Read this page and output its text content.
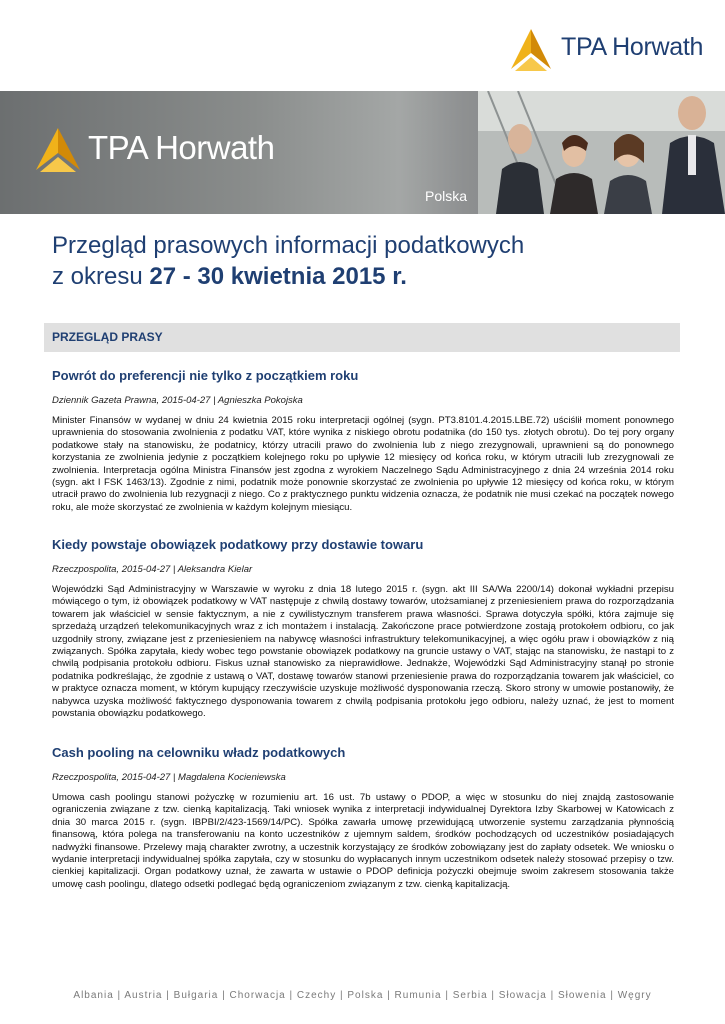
TPA Horwath
TPA Horwath
Polska
Przegląd prasowych informacji podatkowych
z okresu 27 - 30 kwietnia 2015 r.
PRZEGLĄD PRASY
Powrót do preferencji nie tylko z początkiem roku

Dziennik Gazeta Prawna, 2015-04-27 | Agnieszka Pokojska

Minister Finansów w wydanej w dniu 24 kwietnia 2015 roku interpretacji ogólnej (sygn. PT3.8101.4.2015.LBE.72) uściślił moment ponownego uprawnienia do stosowania zwolnienia z podatku VAT, które wynika z niskiego obrotu podatnika (do 150 tys. złotych obrotu). Do tej pory organy podatkowe stały na stanowisku, że podatnicy, którzy utracili prawo do zwolnienia lub z niego zrezygnowali, uprawnieni są do ponownego korzystania ze zwolnienia jedynie z początkiem kolejnego roku po upływie 12 miesięcy od końca roku, w którym utracili lub zrezygnowali ze zwolnienia. Interpretacja ogólna Ministra Finansów jest zgodna z wyrokiem Naczelnego Sądu Administracyjnego z dnia 24 września 2014 roku (sygn. akt I FSK 1463/13). Zgodnie z nimi, podatnik może ponownie skorzystać ze zwolnienia po upływie 12 miesięcy od końca roku, w którym utracił prawo do zwolnienia lub rezygnacji z niego. Co z praktycznego punktu widzenia oznacza, że podatnik nie musi czekać na początek nowego roku, ale może skorzystać ze zwolnienia w każdym kolejnym miesiącu.

Kiedy powstaje obowiązek podatkowy przy dostawie towaru

Rzeczpospolita, 2015-04-27 | Aleksandra Kielar

Wojewódzki Sąd Administracyjny w Warszawie w wyroku z dnia 18 lutego 2015 r. (sygn. akt III SA/Wa 2200/14) dokonał wykładni przepisu mówiącego o tym, iż obowiązek podatkowy w VAT następuje z chwilą dostawy towarów, utożsamianej z przeniesieniem prawa do rozporządzania towarem jak właściciel w sensie faktycznym, a nie z cywilistycznym transferem prawa własności. Sprawa dotyczyła spółki, która zajmuje się sprzedażą urządzeń telekomunikacyjnych wraz z ich montażem i instalacją. Zakończone prace potwierdzone zostają protokołem odbioru, co jak uzgodniły strony, związane jest z przeniesieniem na nabywcę własności infrastruktury telekomunikacyjnej, a więc ogółu praw i obowiązków z nią związanych. Spółka zapytała, kiedy wobec tego powstanie obowiązek podatkowy na gruncie ustawy o VAT, stając na stanowisku, że nastąpi to z chwilą podpisania protokołu odbioru. Fiskus uznał stanowisko za nieprawidłowe. Jednakże, Wojewódzki Sąd Administracyjny stanął po stronie podatnika podkreślając, że zgodnie z ustawą o VAT, dostawę towarów stanowi przeniesienie prawa do rozporządzania towarem jak właściciel, co w praktyce oznacza moment, w którym kupujący rzeczywiście uzyskuje możliwość dysponowania rzeczą. Skoro strony w umowie postanowiły, że nabywca uzyska możliwość faktycznego dysponowania towarem z chwilą podpisania protokołu jego odbioru, należy uznać, że jest to moment powstania obowiązku podatkowego.

Cash pooling na celowniku władz podatkowych

Rzeczpospolita, 2015-04-27 | Magdalena Kocieniewska

Umowa cash poolingu stanowi pożyczkę w rozumieniu art. 16 ust. 7b ustawy o PDOP, a więc w stosunku do niej znajdą zastosowanie ograniczenia związane z tzw. cienką kapitalizacją. Taki wniosek wynika z interpretacji indywidualnej Dyrektora Izby Skarbowej w Katowicach z dnia 30 marca 2015 r. (sygn. IBPBI/2/423-1569/14/PC). Spółka zawarła umowę przewidującą utworzenie systemu zarządzania płynnością finansową, która polega na transferowaniu na konto uczestników z ujemnym saldem, środków pochodzących od uczestników posiadających nadwyżki finansowe. Przelewy mają charakter zwrotny, a uczestnik korzystający ze środków zobowiązany jest do zapłaty odsetek. We wniosku o wydanie interpretacji indywidualnej spółka zapytała, czy w stosunku do wypłacanych innym uczestnikom odsetek należy stosować przepisy o tzw. cienkiej kapitalizacji. Organ podatkowy uznał, że zawarta w ustawie o PDOP definicja pożyczki obejmuje swoim zakresem stosowania także umowę cash poolingu, dlatego odsetki podlegać będą ograniczeniom związanym z tzw. cienką kapitalizacją.

Albania | Austria | Bułgaria | Chorwacja | Czechy | Polska | Rumunia | Serbia | Słowacja | Słowenia | Węgry
